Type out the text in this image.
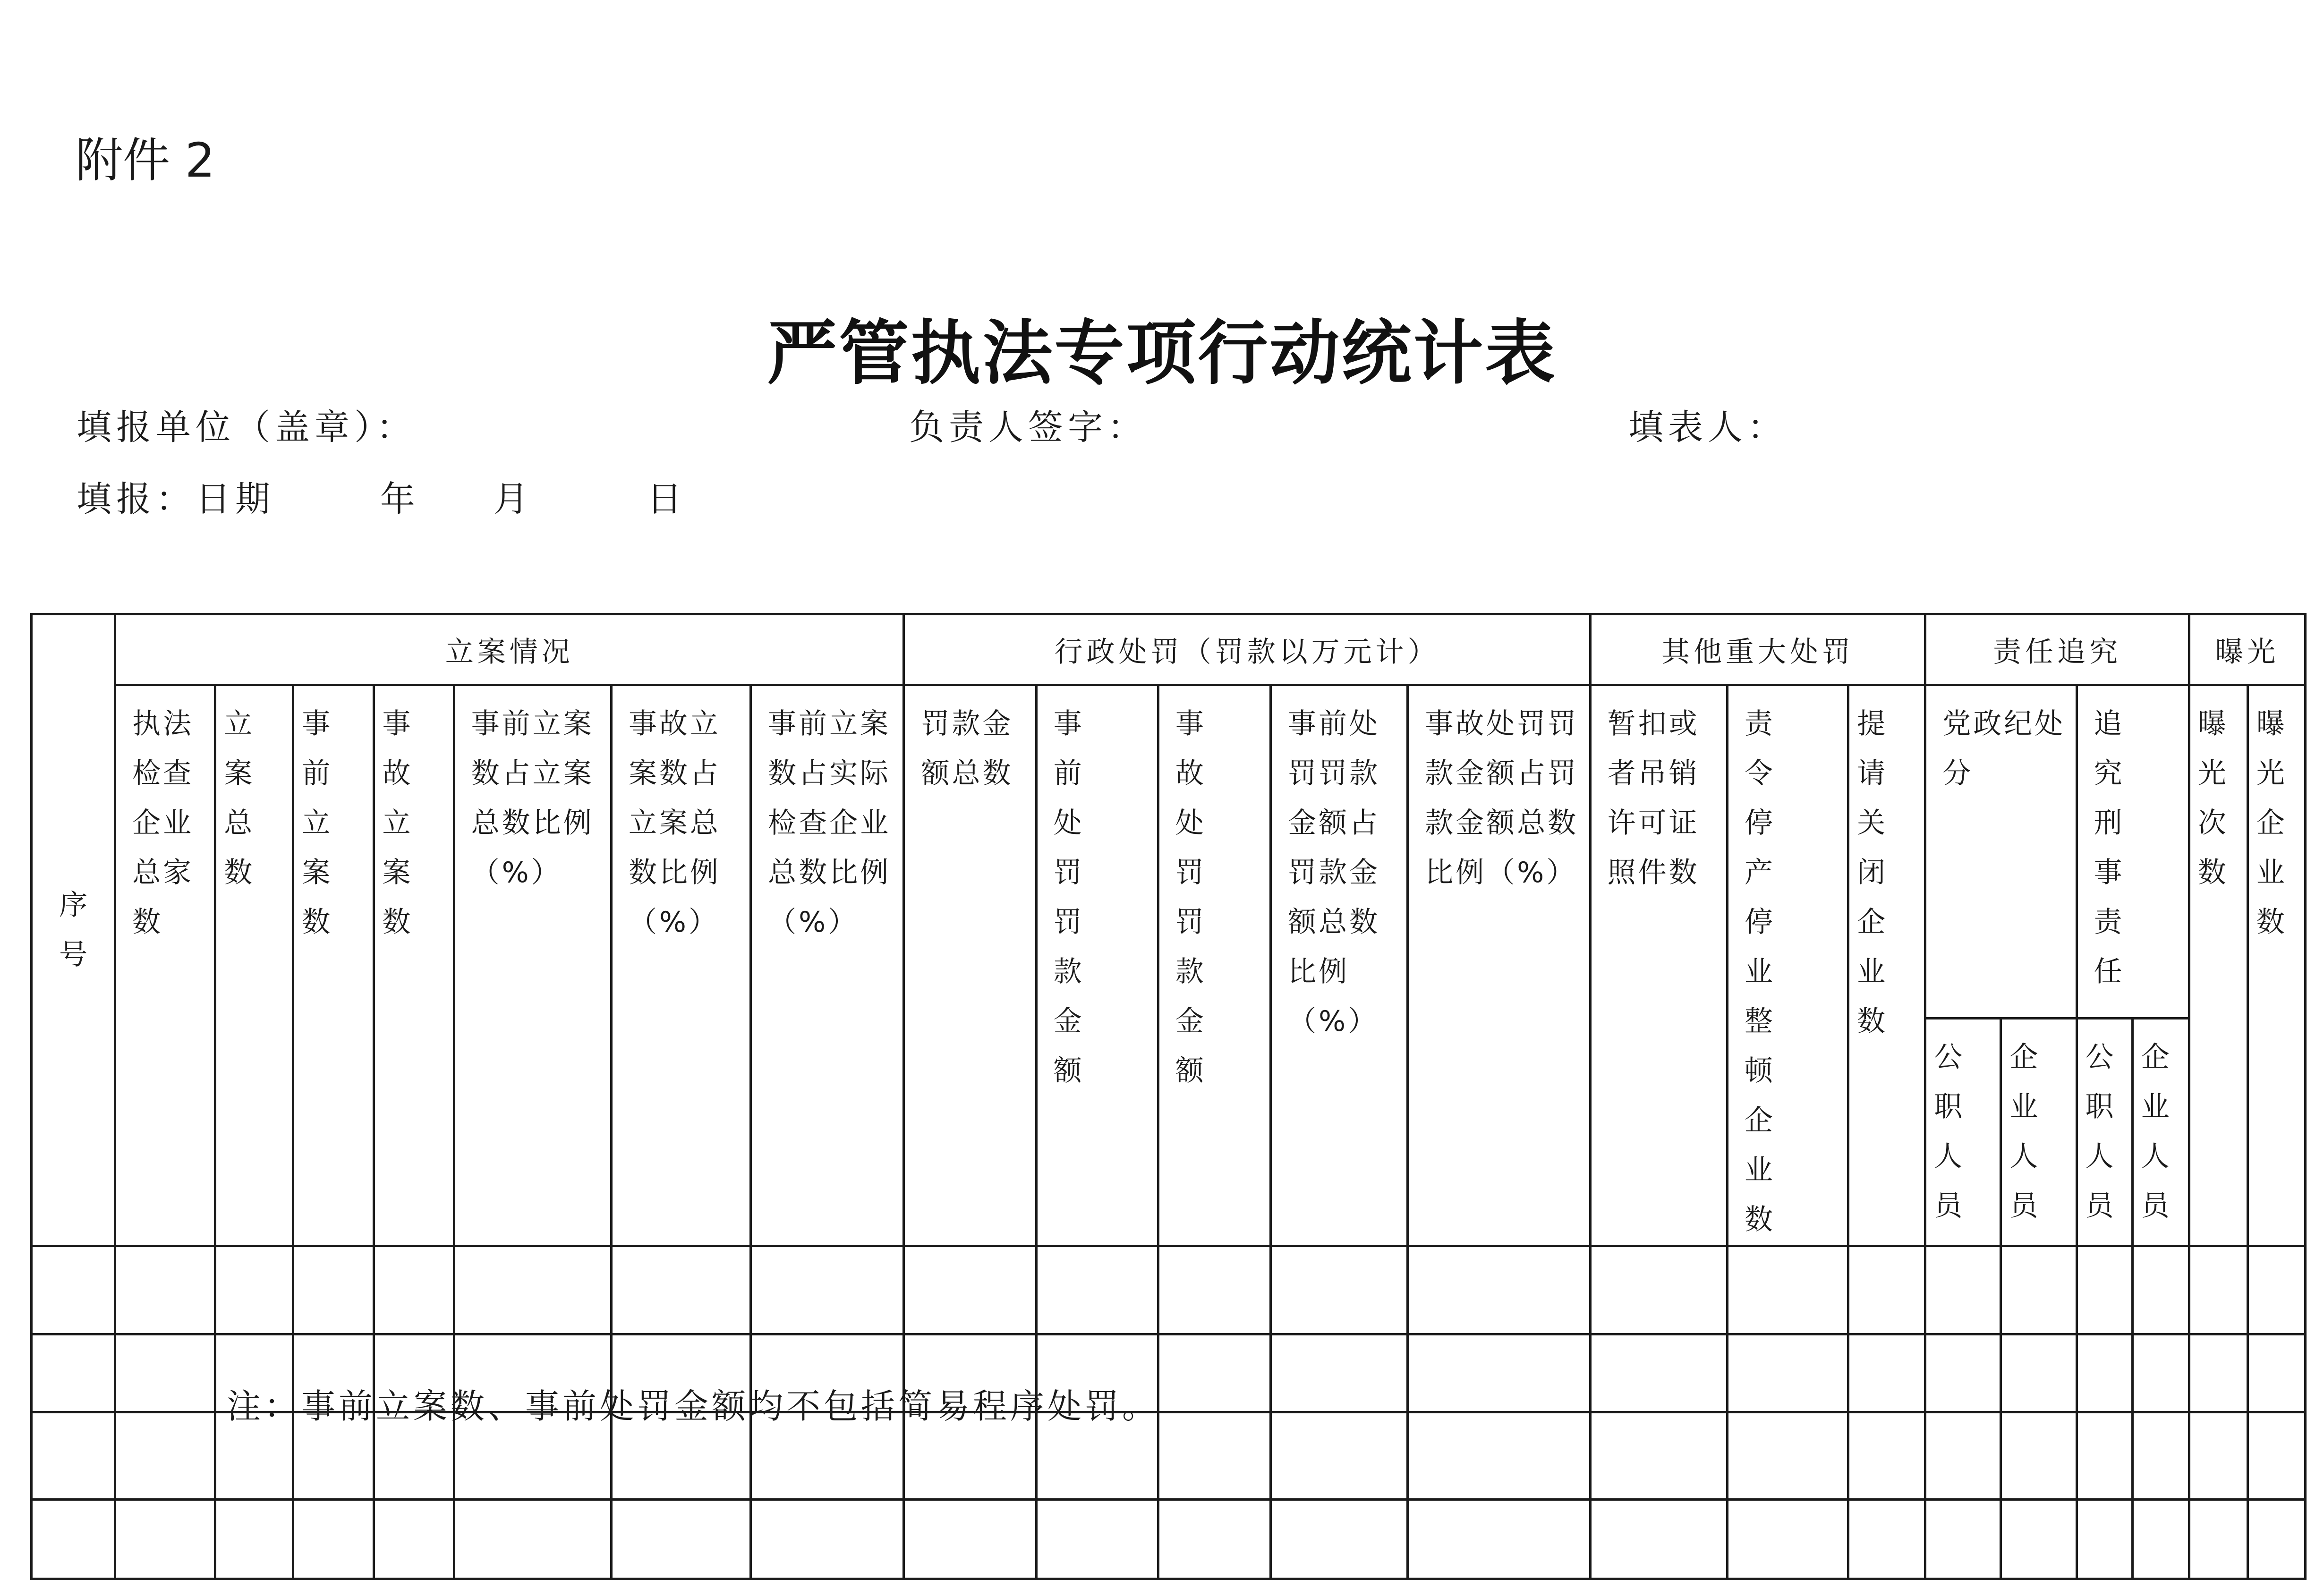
附件 2
严管执法专项行动统计表
填报单位（盖章）：	负责人签字：	填表人：
填报：日期	年 月	日
序号	立案情况							行政处罚（罚款以万元计）					其他重大处罚			责任追究				曝光	
	执法检查企业总家数	立案总数	事前立案数	事故立案数	事前立案数占立案总数比例（%）	事故立案数占立案总数比例（%）	事前立案数占实际检查企业总数比例（%）	罚款金额总数	事前处罚罚款金额	事故处罚罚款金额	事前处罚罚款金额占罚款金额总数比例（%）	事故处罚罚款金额占罚款金额总数比例（%）	暂扣或者吊销许可证照件数	责令停产停业整顿企业数	提请关闭企业数	党政纪处分		追究刑事责任		曝光次数	曝光企业数

																公职人员	企业人员	公职人员	企业人员		

注：事前立案数、事前处罚金额均不包括简易程序处罚。
